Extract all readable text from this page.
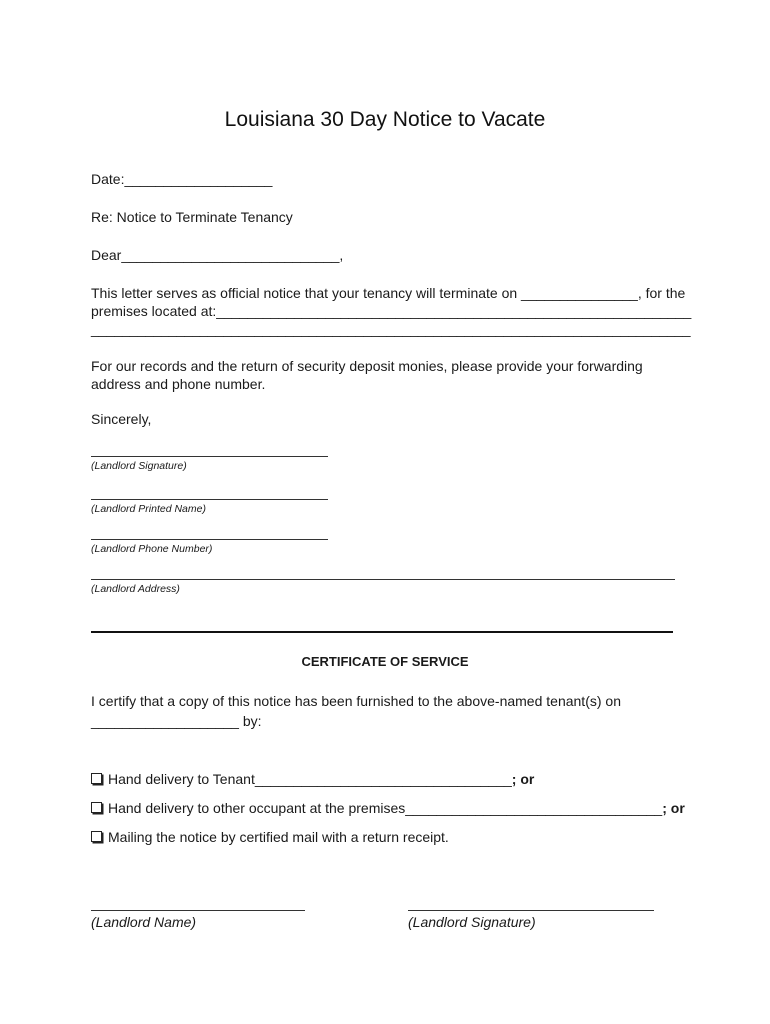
Louisiana 30 Day Notice to Vacate
Date:___________________
Re: Notice to Terminate Tenancy
Dear____________________________,
This letter serves as official notice that your tenancy will terminate on _______________, for the
premises located at:_____________________________________________________________
_____________________________________________________________________________
For our records and the return of security deposit monies, please provide your forwarding
address and phone number.
Sincerely,
(Landlord Signature)
(Landlord Printed Name)
(Landlord Phone Number)
(Landlord Address)
CERTIFICATE OF SERVICE
I certify that a copy of this notice has been furnished to the above-named tenant(s) on
___________________ by:
Hand delivery to Tenant_________________________________; or
Hand delivery to other occupant at the premises_________________________________; or
Mailing the notice by certified mail with a return receipt.
(Landlord Name)	(Landlord Signature)
